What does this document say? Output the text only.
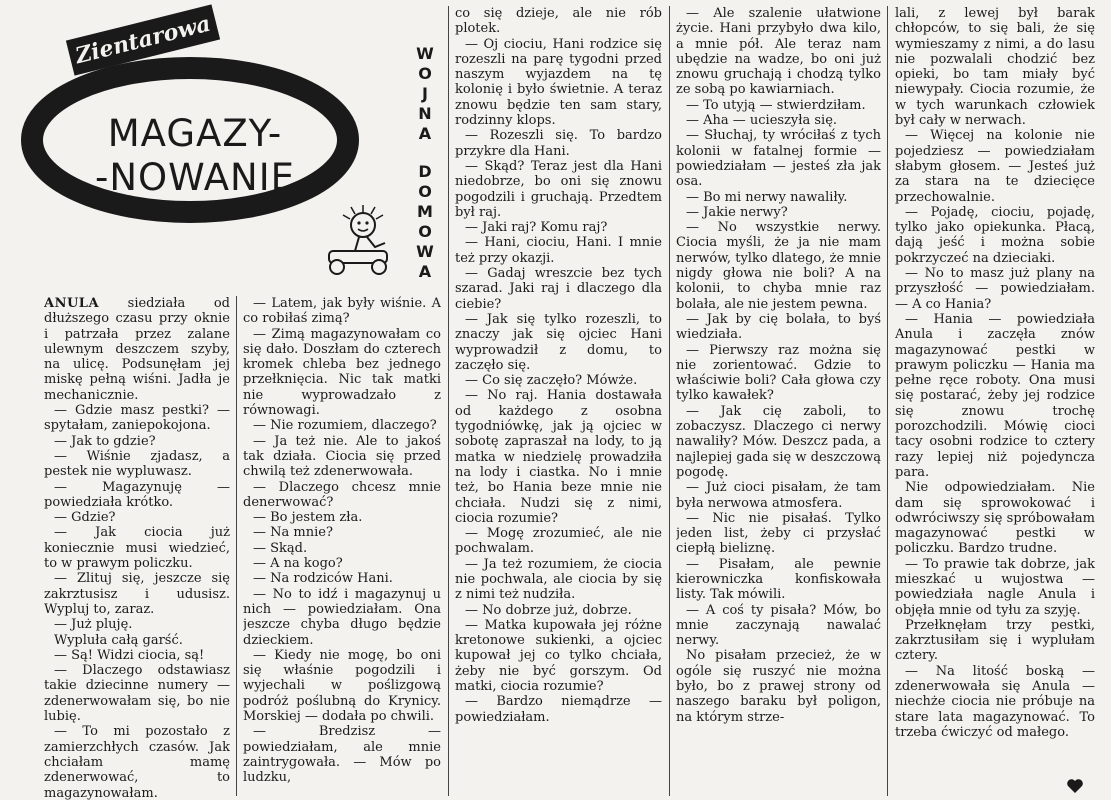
Zientarowa
MAGAZY-
-NOWANIE
W
O
J
N
A
D
O
M
O
W
A

ANULA siedziała od dłuższego czasu przy oknie i patrzała przez zalane ulewnym deszczem szyby, na ulicę. Podsunęłam jej miskę pełną wiśni. Jadła je mechanicznie.

— Gdzie masz pestki? — spytałam, zaniepokojona.

— Jak to gdzie?

— Wiśnie zjadasz, a pestek nie wypluwasz.

— Magazynuję — powiedziała krótko.

— Gdzie?

— Jak ciocia już koniecznie musi wiedzieć, to w prawym policzku.

— Zlituj się, jeszcze się zakrztusisz i udusisz. Wypluj to, zaraz.

— Już pluję.

Wypluła całą garść.

— Są! Widzi ciocia, są!

— Dlaczego odstawiasz takie dziecinne numery — zdenerwowałam się, bo nie lubię.

— To mi pozostało z zamierzchłych czasów. Jak chciałam mamę zdenerwować, to magazynowałam.

— Latem, jak były wiśnie. A co robiłaś zimą?

— Zimą magazynowałam co się dało. Doszłam do czterech kromek chleba bez jednego przełknięcia. Nic tak matki nie wyprowadzało z równowagi.

— Nie rozumiem, dlaczego?

— Ja też nie. Ale to jakoś tak działa. Ciocia się przed chwilą też zdenerwowała.

— Dlaczego chcesz mnie denerwować?

— Bo jestem zła.

— Na mnie?

— Skąd.

— A na kogo?

— Na rodziców Hani.

— No to idź i magazynuj u nich — powiedziałam. Ona jeszcze chyba długo będzie dzieckiem.

— Kiedy nie mogę, bo oni się właśnie pogodzili i wyjechali w poślizgową podróż poślubną do Krynicy. Morskiej — dodała po chwili.

— Bredzisz — powiedziałam, ale mnie zaintrygowała. — Mów po ludzku,

co się dzieje, ale nie rób plotek.

— Oj ciociu, Hani rodzice się rozeszli na parę tygodni przed naszym wyjazdem na tę kolonię i było świetnie. A teraz znowu będzie ten sam stary, rodzinny klops.

— Rozeszli się. To bardzo przykre dla Hani.

— Skąd? Teraz jest dla Hani niedobrze, bo oni się znowu pogodzili i gruchają. Przedtem był raj.

— Jaki raj? Komu raj?

— Hani, ciociu, Hani. I mnie też przy okazji.

— Gadaj wreszcie bez tych szarad. Jaki raj i dlaczego dla ciebie?

— Jak się tylko rozeszli, to znaczy jak się ojciec Hani wyprowadził z domu, to zaczęło się.

— Co się zaczęło? Mówże.

— No raj. Hania dostawała od każdego z osobna tygodniówkę, jak ją ojciec w sobotę zapraszał na lody, to ją matka w niedzielę prowadziła na lody i ciastka. No i mnie też, bo Hania beze mnie nie chciała. Nudzi się z nimi, ciocia rozumie?

— Mogę zrozumieć, ale nie pochwalam.

— Ja też rozumiem, że ciocia nie pochwala, ale ciocia by się z nimi też nudziła.

— No dobrze już, dobrze.

— Matka kupowała jej różne kretonowe sukienki, a ojciec kupował jej co tylko chciała, żeby nie być gorszym. Od matki, ciocia rozumie?

— Bardzo niemądrze — powiedziałam.

— Ale szalenie ułatwione życie. Hani przybyło dwa kilo, a mnie pół. Ale teraz nam ubędzie na wadze, bo oni już znowu gruchają i chodzą tylko ze sobą po kawiarniach.

— To utyją — stwierdziłam.

— Aha — ucieszyła się.

— Słuchaj, ty wróciłaś z tych kolonii w fatalnej formie — powiedziałam — jesteś zła jak osa.

— Bo mi nerwy nawaliły.

— Jakie nerwy?

— No wszystkie nerwy. Ciocia myśli, że ja nie mam nerwów, tylko dlatego, że mnie nigdy głowa nie boli? A na kolonii, to chyba mnie raz bolała, ale nie jestem pewna.

— Jak by cię bolała, to byś wiedziała.

— Pierwszy raz można się nie zorientować. Gdzie to właściwie boli? Cała głowa czy tylko kawałek?

— Jak cię zaboli, to zobaczysz. Dlaczego ci nerwy nawaliły? Mów. Deszcz pada, a najlepiej gada się w deszczową pogodę.

— Już cioci pisałam, że tam była nerwowa atmosfera.

— Nic nie pisałaś. Tylko jeden list, żeby ci przysłać ciepłą bieliznę.

— Pisałam, ale pewnie kierowniczka konfiskowała listy. Tak mówili.

— A coś ty pisała? Mów, bo mnie zaczynają nawalać nerwy.

No pisałam przecież, że w ogóle się ruszyć nie można było, bo z prawej strony od naszego baraku był poligon, na którym strze-

lali, z lewej był barak chłopców, to się bali, że się wymieszamy z nimi, a do lasu nie pozwalali chodzić bez opieki, bo tam miały być niewypały. Ciocia rozumie, że w tych warunkach człowiek był cały w nerwach.

— Więcej na kolonie nie pojedziesz — powiedziałam słabym głosem. — Jesteś już za stara na te dziecięce przechowalnie.

— Pojadę, ciociu, pojadę, tylko jako opiekunka. Płacą, dają jeść i można sobie pokrzyczeć na dzieciaki.

— No to masz już plany na przyszłość — powiedziałam. — A co Hania?

— Hania — powiedziała Anula i zaczęła znów magazynować pestki w prawym policzku — Hania ma pełne ręce roboty. Ona musi się postarać, żeby jej rodzice się znowu trochę porozchodzili. Mówię cioci tacy osobni rodzice to cztery razy lepiej niż pojedyncza para.

Nie odpowiedziałam. Nie dam się sprowokować i odwróciwszy się spróbowałam magazynować pestki w policzku. Bardzo trudne.

— To prawie tak dobrze, jak mieszkać u wujostwa — powiedziała nagle Anula i objęła mnie od tyłu za szyję.

Przełknęłam trzy pestki, zakrztusiłam się i wyplułam cztery.

— Na litość boską — zdenerwowała się Anula — niechże ciocia nie próbuje na stare lata magazynować. To trzeba ćwiczyć od małego.
